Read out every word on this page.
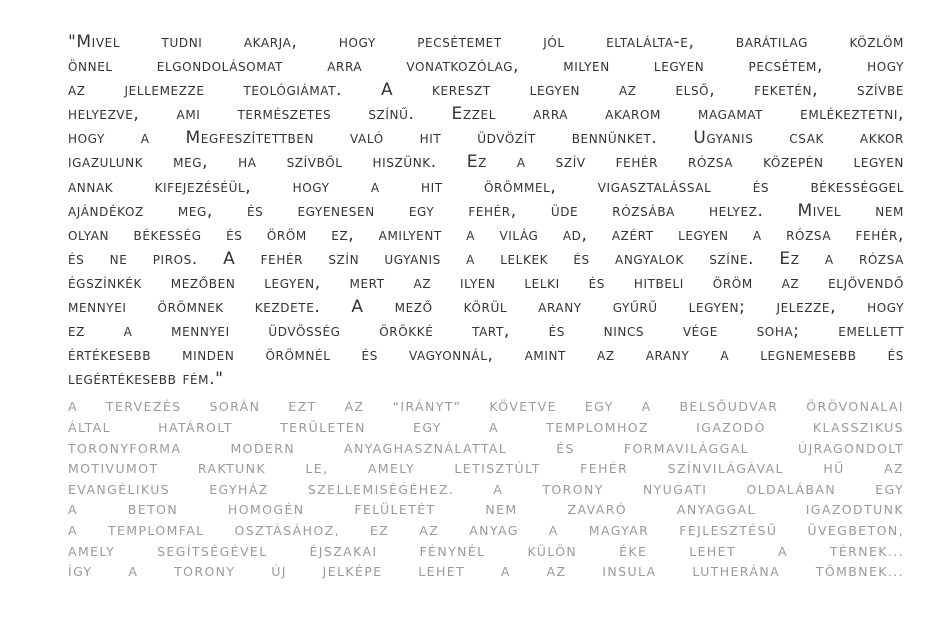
"Mivel tudni akarja, hogy pecsétemet jól eltalálta-e, barátilag közlöm
önnel elgondolásomat arra vonatkozólag, milyen legyen pecsétem, hogy
az jellemezze teológiámat. A kereszt legyen az első, feketén, szívbe
helyezve, ami természetes színű. Ezzel arra akarom magamat emlékeztetni,
hogy a Megfeszítettben való hit üdvözít bennünket. Ugyanis csak akkor
igazulunk meg, ha szívből hiszünk. Ez a szív fehér rózsa közepén legyen
annak kifejezéséül, hogy a hit örömmel, vigasztalással és békességgel
ajándékoz meg, és egyenesen egy fehér, üde rózsába helyez. Mivel nem
olyan békesség és öröm ez, amilyent a világ ad, azért legyen a rózsa fehér,
és ne piros. A fehér szín ugyanis a lelkek és angyalok színe. Ez a rózsa
égszínkék mezőben legyen, mert az ilyen lelki és hitbeli öröm az eljövendő
mennyei örömnek kezdete. A mező körül arany gyűrű legyen; jelezze, hogy
ez a mennyei üdvösség örökké tart, és nincs vége soha; emellett
értékesebb minden örömnél és vagyonnál, amint az arany a legnemesebb és
legértékesebb fém."
A TERVEZÉS SORÁN EZT AZ “IRÁNYT” KÖVETVE EGY A BELSŐUDVAR ÖRÖVONALAI
ÁLTAL HATÁROLT TERÜLETEN EGY A TEMPLOMHOZ IGAZODÓ KLASSZIKUS
TORONYFORMA MODERN ANYAGHASZNÁLATTAL ÉS FORMAVILÁGGAL ÚJRAGONDOLT
MOTIVUMOT RAKTUNK LE, AMELY LETISZTÚLT FEHÉR SZÍNVILÁGÁVAL HŰ AZ
EVANGÉLIKUS EGYHÁZ SZELLEMISÉGÉHEZ. A TORONY NYUGATI OLDALÁBAN EGY
A BETON HOMOGÉN FELÜLETÉT NEM ZAVARÓ ANYAGGAL IGAZODTUNK
A TEMPLOMFAL OSZTÁSÁHOZ, EZ AZ ANYAG A MAGYAR FEJLESZTÉSŰ ÜVEGBETON,
AMELY SEGÍTSÉGÉVEL ÉJSZAKAI FÉNYNÉL KÜLÖN ÉKE LEHET A TÉRNEK...
ÍGY A TORONY ÚJ JELKÉPE LEHET A AZ INSULA LUTHERÁNA TÖMBNEK...
